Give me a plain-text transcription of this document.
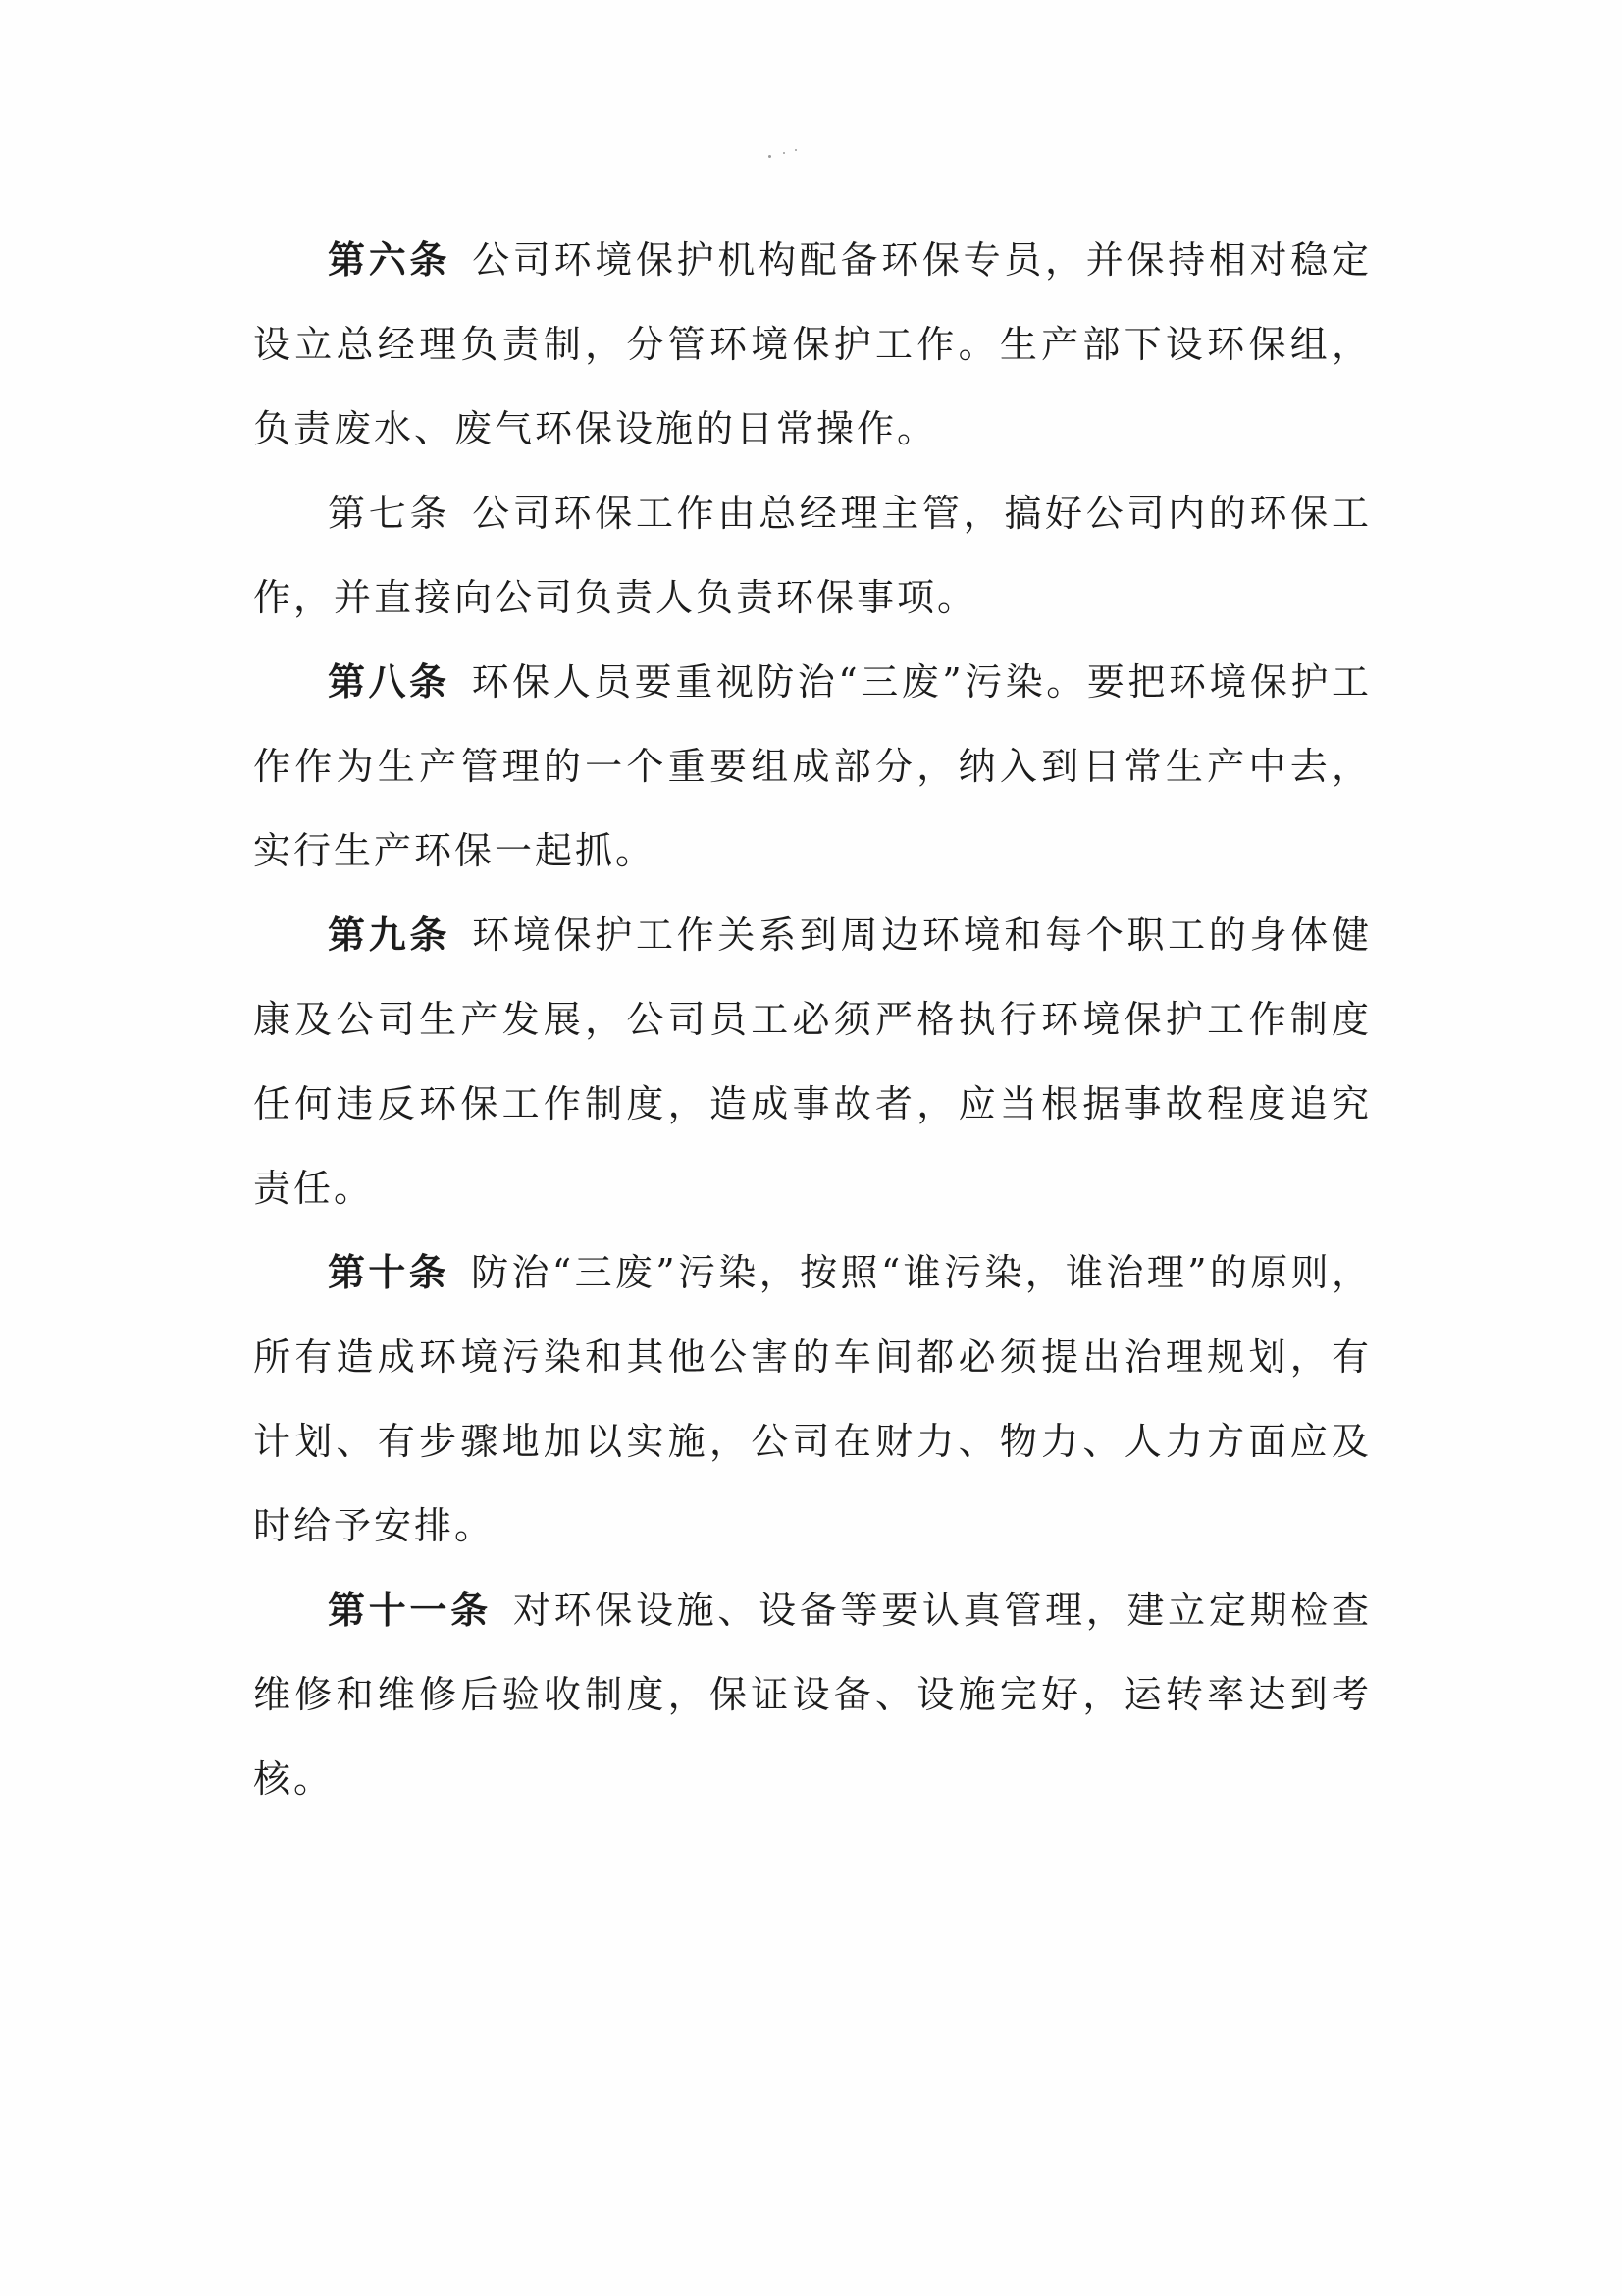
第六条 公司环境保护机构配备环保专员，并保持相对稳定设立总经理负责制，分管环境保护工作。生产部下设环保组，负责废水、废气环保设施的日常操作。

第七条 公司环保工作由总经理主管，搞好公司内的环保工作，并直接向公司负责人负责环保事项。

第八条 环保人员要重视防治“三废”污染。要把环境保护工作作为生产管理的一个重要组成部分，纳入到日常生产中去，实行生产环保一起抓。

第九条 环境保护工作关系到周边环境和每个职工的身体健康及公司生产发展，公司员工必须严格执行环境保护工作制度任何违反环保工作制度，造成事故者，应当根据事故程度追究责任。

第十条 防治“三废”污染，按照“谁污染，谁治理”的原则，所有造成环境污染和其他公害的车间都必须提出治理规划，有计划、有步骤地加以实施，公司在财力、物力、人力方面应及时给予安排。

第十一条 对环保设施、设备等要认真管理，建立定期检查维修和维修后验收制度，保证设备、设施完好，运转率达到考核。
